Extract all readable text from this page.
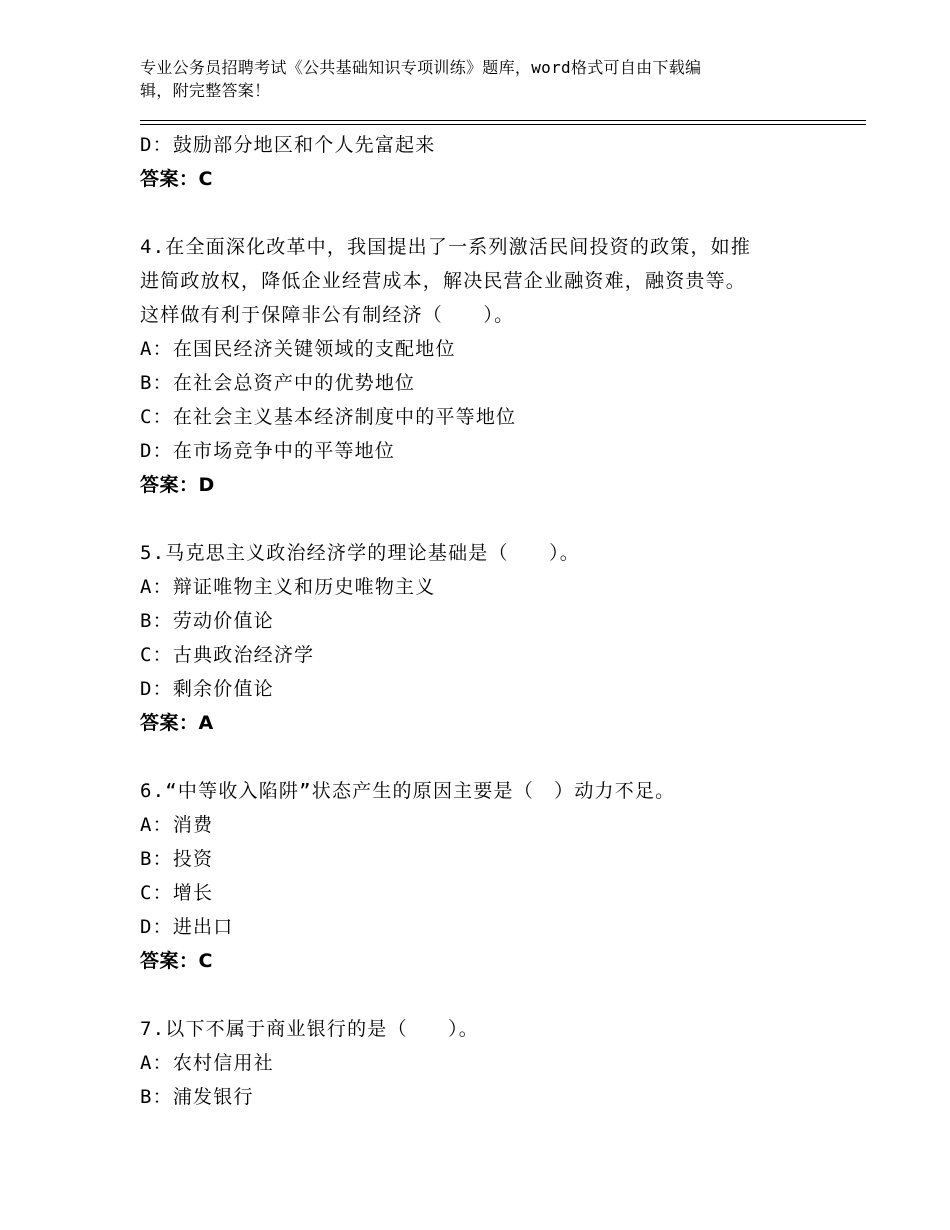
专业公务员招聘考试《公共基础知识专项训练》题库，word格式可自由下载编
辑，附完整答案！
D：鼓励部分地区和个人先富起来
答案：C
4.在全面深化改革中，我国提出了一系列激活民间投资的政策，如推
进简政放权，降低企业经营成本，解决民营企业融资难，融资贵等。
这样做有利于保障非公有制经济（　　）。
A：在国民经济关键领域的支配地位
B：在社会总资产中的优势地位
C：在社会主义基本经济制度中的平等地位
D：在市场竞争中的平等地位
答案：D
5.马克思主义政治经济学的理论基础是（　　）。
A：辩证唯物主义和历史唯物主义
B：劳动价值论
C：古典政治经济学
D：剩余价值论
答案：A
6.“中等收入陷阱”状态产生的原因主要是（　）动力不足。
A：消费
B：投资
C：增长
D：进出口
答案：C
7.以下不属于商业银行的是（　　）。
A：农村信用社
B：浦发银行
